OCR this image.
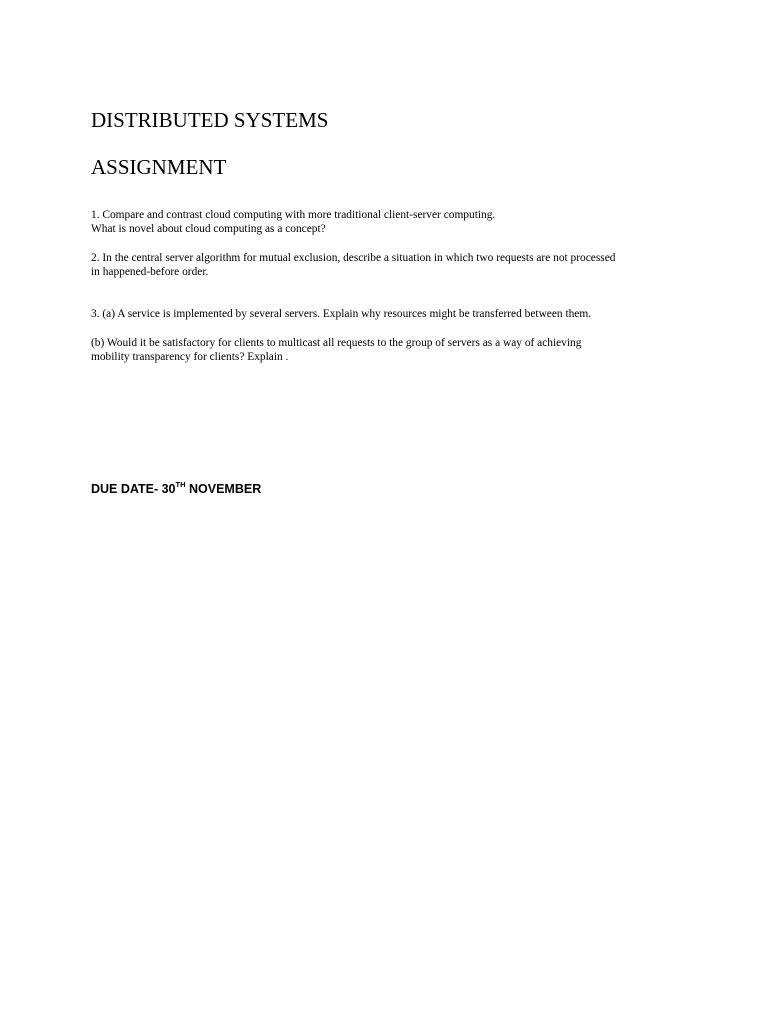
DISTRIBUTED SYSTEMS
ASSIGNMENT

1. Compare and contrast cloud computing with more traditional client-server computing.
What is novel about cloud computing as a concept?

2. In the central server algorithm for mutual exclusion, describe a situation in which two requests are not processed
in happened-before order.

3. (a) A service is implemented by several servers. Explain why resources might be transferred between them.

(b) Would it be satisfactory for clients to multicast all requests to the group of servers as a way of achieving
mobility transparency for clients? Explain .

DUE DATE- 30TH NOVEMBER
